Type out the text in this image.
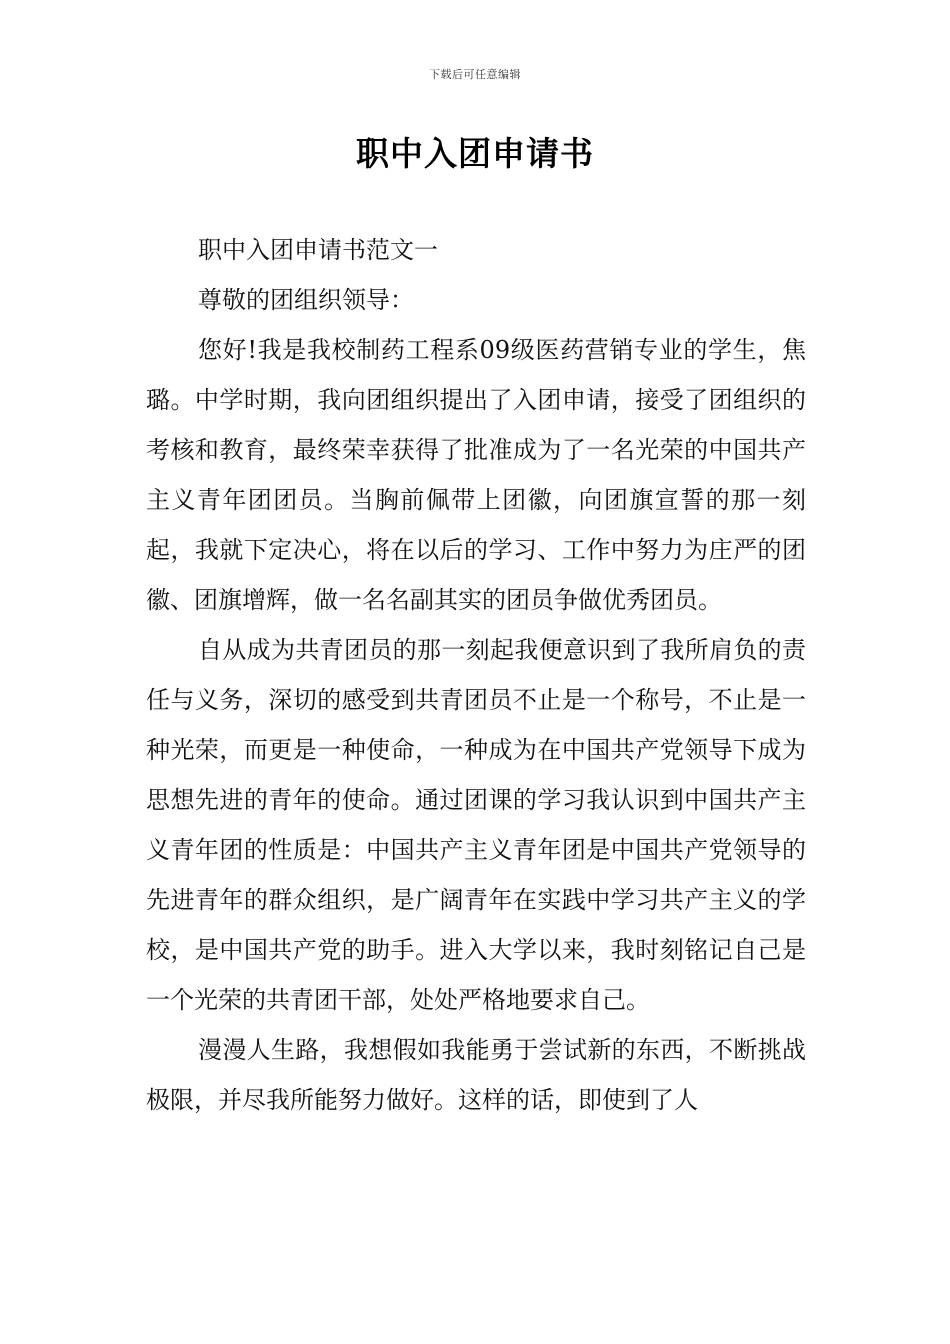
下载后可任意编辑
职中入团申请书

职中入团申请书范文一

尊敬的团组织领导：

您好!我是我校制药工程系09级医药营销专业的学生，焦璐。中学时期，我向团组织提出了入团申请，接受了团组织的考核和教育，最终荣幸获得了批准成为了一名光荣的中国共产主义青年团团员。当胸前佩带上团徽，向团旗宣誓的那一刻起，我就下定决心，将在以后的学习、工作中努力为庄严的团徽、团旗增辉，做一名名副其实的团员争做优秀团员。

自从成为共青团员的那一刻起我便意识到了我所肩负的责任与义务，深切的感受到共青团员不止是一个称号，不止是一种光荣，而更是一种使命，一种成为在中国共产党领导下成为思想先进的青年的使命。通过团课的学习我认识到中国共产主义青年团的性质是：中国共产主义青年团是中国共产党领导的先进青年的群众组织，是广阔青年在实践中学习共产主义的学校，是中国共产党的助手。进入大学以来，我时刻铭记自己是一个光荣的共青团干部，处处严格地要求自己。

漫漫人生路，我想假如我能勇于尝试新的东西，不断挑战极限，并尽我所能努力做好。这样的话，即使到了人
